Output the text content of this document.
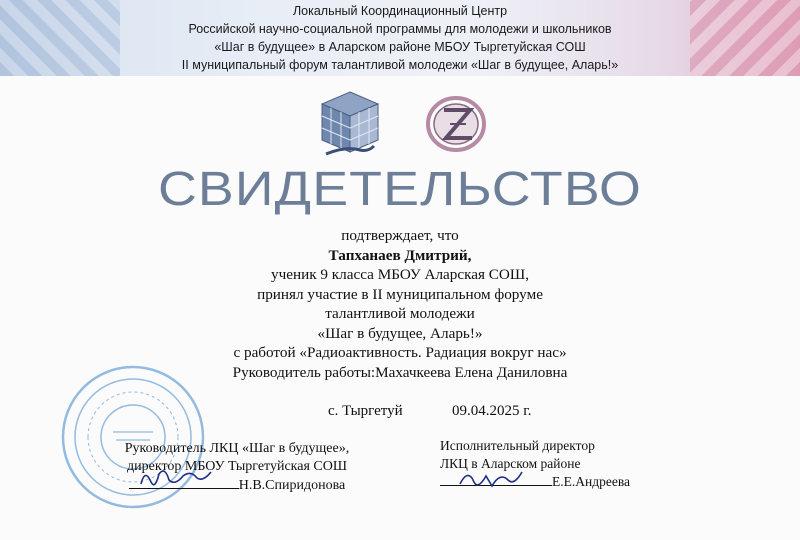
Локальный Координационный Центр
Российской научно-социальной программы для молодежи и школьников
«Шаг в будущее» в Аларском районе МБОУ Тыргетуйская СОШ
II муниципальный форум талантливой молодежи «Шаг в будущее, Аларь!»
СВИДЕТЕЛЬСТВО
подтверждает, что
Тапханаев Дмитрий,
ученик 9 класса МБОУ Аларская СОШ,
принял участие в II муниципальном форуме
талантливой молодежи
«Шаг в будущее, Аларь!»
с работой «Радиоактивность. Радиация вокруг нас»
Руководитель работы:Махачкеева Елена Даниловна
с. Тыргетуй	09.04.2025 г.
Руководитель ЛКЦ «Шаг в будущее»,
директор МБОУ Тыргетуйская СОШ
Н.В.Спиридонова
Исполнительный директор
ЛКЦ в Аларском районе
Е.Е.Андреева
